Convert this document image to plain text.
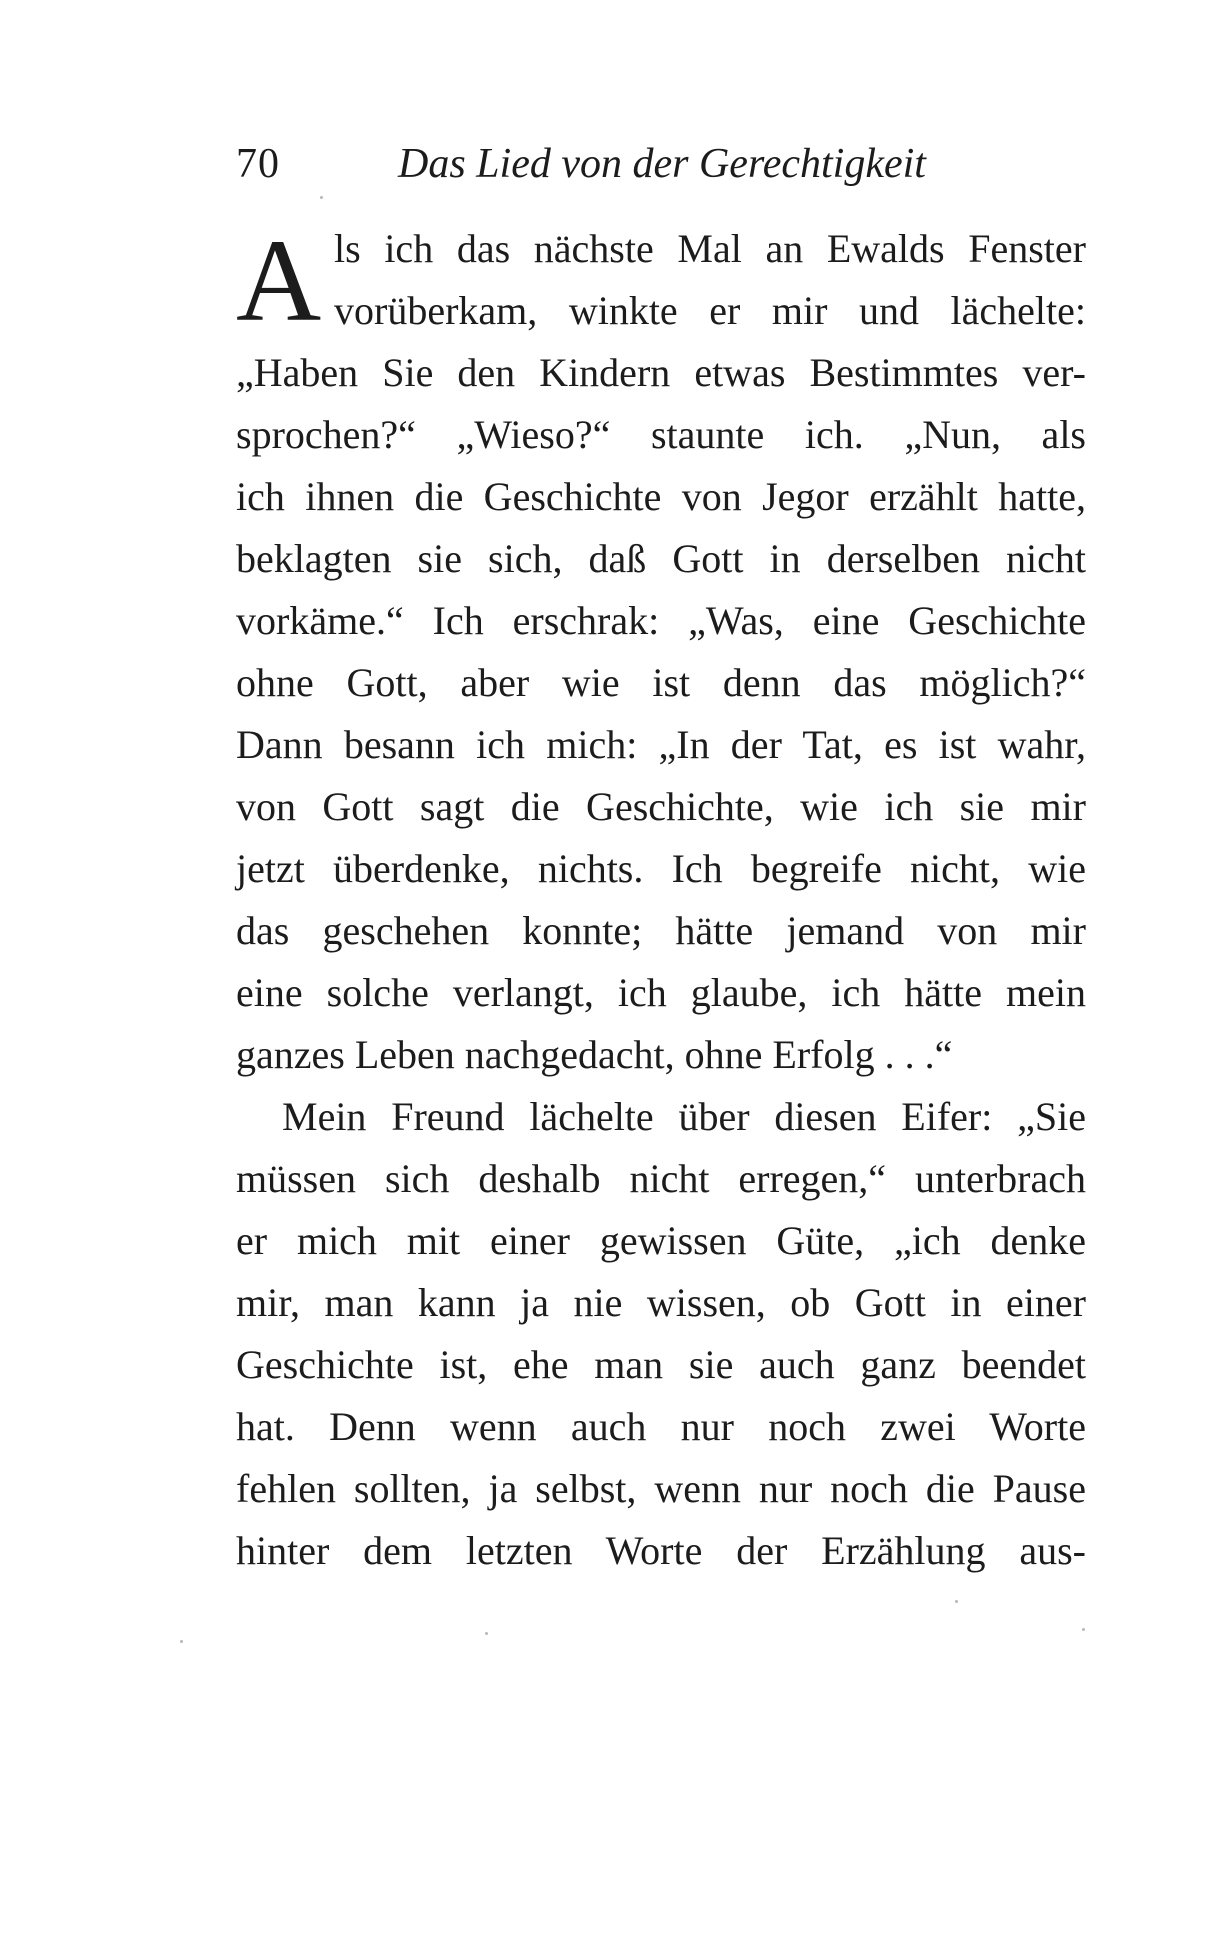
70	Das Lied von der Gerechtigkeit
A ls ich das nächste Mal an Ewalds Fenster
vorüberkam, winkte er mir und lächelte:
„Haben Sie den Kindern etwas Bestimmtes ver-
sprochen?“ „Wieso?“ staunte ich. „Nun, als
ich ihnen die Geschichte von Jegor erzählt hatte,
beklagten sie sich, daß Gott in derselben nicht
vorkäme.“ Ich erschrak: „Was, eine Geschichte
ohne Gott, aber wie ist denn das möglich?“
Dann besann ich mich: „In der Tat, es ist wahr,
von Gott sagt die Geschichte, wie ich sie mir
jetzt überdenke, nichts. Ich begreife nicht, wie
das geschehen konnte; hätte jemand von mir
eine solche verlangt, ich glaube, ich hätte mein
ganzes Leben nachgedacht, ohne Erfolg . . .“
Mein Freund lächelte über diesen Eifer: „Sie
müssen sich deshalb nicht erregen,“ unterbrach
er mich mit einer gewissen Güte, „ich denke
mir, man kann ja nie wissen, ob Gott in einer
Geschichte ist, ehe man sie auch ganz beendet
hat. Denn wenn auch nur noch zwei Worte
fehlen sollten, ja selbst, wenn nur noch die Pause
hinter dem letzten Worte der Erzählung aus-
